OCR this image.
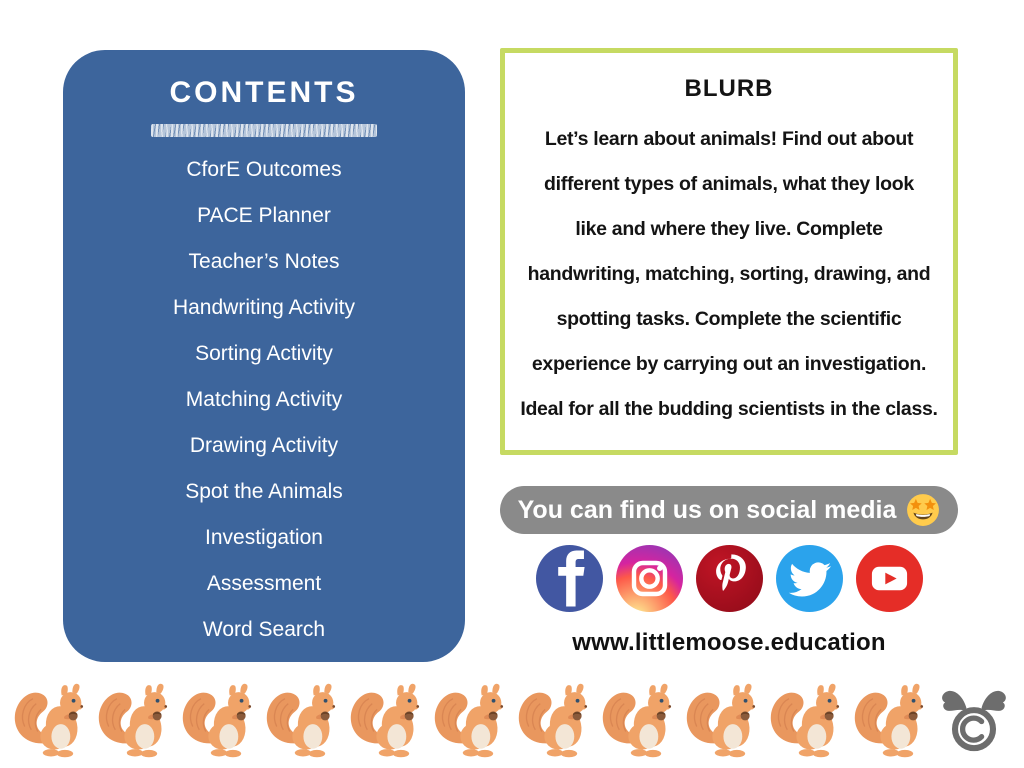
CONTENTS
CforE Outcomes
PACE Planner
Teacher’s Notes
Handwriting Activity
Sorting Activity
Matching Activity
Drawing Activity
Spot the Animals
Investigation
Assessment
Word Search
BLURB
Let’s learn about animals! Find out about
different types of animals, what they look
like and where they live. Complete
handwriting, matching, sorting, drawing, and
spotting tasks. Complete the scientific
experience by carrying out an investigation.
Ideal for all the budding scientists in the class.
You can find us on social media
www.littlemoose.education
